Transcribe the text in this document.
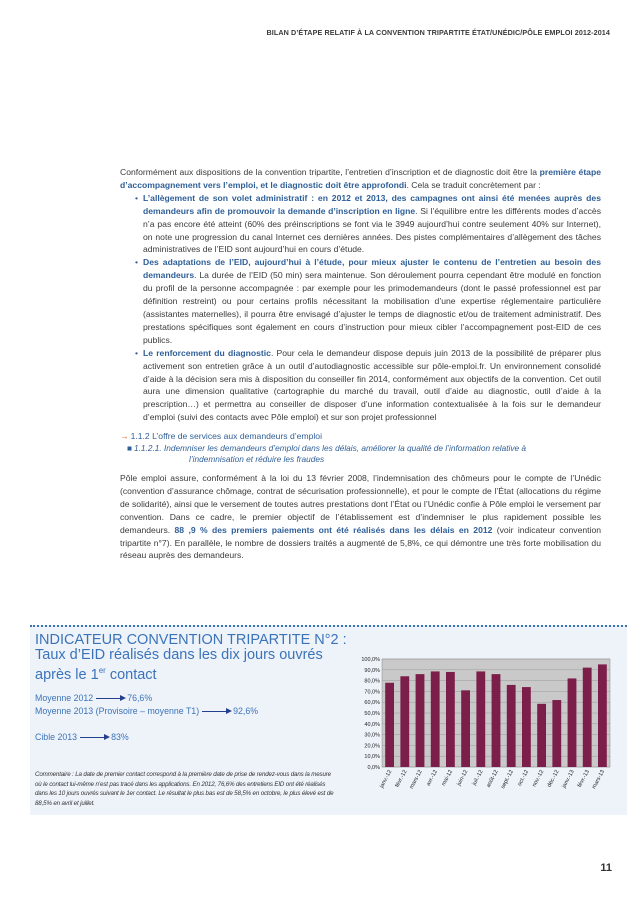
BILAN D’ÉTAPE RELATIF À LA CONVENTION TRIPARTITE ÉTAT/UNÉDIC/PÔLE EMPLOI 2012-2014

Conformément aux dispositions de la convention tripartite, l’entretien d’inscription et de diagnostic doit être la première étape d’accompagnement vers l’emploi, et le diagnostic doit être approfondi. Cela se traduit concrètement par :

• L’allègement de son volet administratif : en 2012 et 2013, des campagnes ont ainsi été menées auprès des demandeurs afin de promouvoir la demande d’inscription en ligne. Si l’équilibre entre les différents modes d’accès n’a pas encore été atteint (60% des préinscriptions se font via le 3949 aujourd’hui contre seulement 40% sur Internet), on note une progression du canal Internet ces dernières années. Des pistes complémentaires d’allègement des tâches administratives de l’EID sont aujourd’hui en cours d’étude.
• Des adaptations de l’EID, aujourd’hui à l’étude, pour mieux ajuster le contenu de l’entretien au besoin des demandeurs. La durée de l’EID (50 min) sera maintenue. Son déroulement pourra cependant être modulé en fonction du profil de la personne accompagnée : par exemple pour les primodemandeurs (dont le passé professionnel est par définition restreint) ou pour certains profils nécessitant la mobilisation d’une expertise réglementaire particulière (assistantes maternelles), il pourra être envisagé d’ajuster le temps de diagnostic et/ou de traitement administratif. Des prestations spécifiques sont également en cours d’instruction pour mieux cibler l’accompagnement post-EID de ces publics.
• Le renforcement du diagnostic. Pour cela le demandeur dispose depuis juin 2013 de la possibilité de préparer plus activement son entretien grâce à un outil d’autodiagnostic accessible sur pôle-emploi.fr. Un environnement consolidé d’aide à la décision sera mis à disposition du conseiller fin 2014, conformément aux objectifs de la convention. Cet outil aura une dimension qualitative (cartographie du marché du travail, outil d’aide au diagnostic, outil d’aide à la prescription…) et permettra au conseiller de disposer d’une information contextualisée à la fois sur le demandeur d’emploi (suivi des contacts avec Pôle emploi) et sur son projet professionnel

→ 1.1.2 L’offre de services aux demandeurs d’emploi

■ 1.1.2.1. Indemniser les demandeurs d’emploi dans les délais, améliorer la qualité de l’information relative à
l’indemnisation et réduire les fraudes

Pôle emploi assure, conformément à la loi du 13 février 2008, l’indemnisation des chômeurs pour le compte de l’Unédic (convention d’assurance chômage, contrat de sécurisation professionnelle), et pour le compte de l’État (allocations du régime de solidarité), ainsi que le versement de toutes autres prestations dont l’État ou l’Unédic confie à Pôle emploi le versement par convention. Dans ce cadre, le premier objectif de l’établissement est d’indemniser le plus rapidement possible les demandeurs. 88 ,9 % des premiers paiements ont été réalisés dans les délais en 2012 (voir indicateur convention tripartite n°7). En parallèle, le nombre de dossiers traités a augmenté de 5,8%, ce qui démontre une très forte mobilisation du réseau auprès des demandeurs.

INDICATEUR CONVENTION TRIPARTITE N°2 :
Taux d’EID réalisés dans les dix jours ouvrés
après le 1er contact
Moyenne 2012	76,6%
Moyenne 2013 (Provisoire – moyenne T1)	92,6%
Cible 2013	83%
Commentaire : La date de premier contact correspond à la première date de prise de rendez-vous dans la mesure où le contact lui-même n’est pas tracé dans les applications. En 2012, 76,6% des entretiens EID ont été réalisés dans les 10 jours ouvrés suivant le 1er contact. Le résultat le plus bas est de 58,5% en octobre, le plus élevé est de 88,5% en avril et juillet.
0,0%
10,0%
20,0%
30,0%
40,0%
50,0%
60,0%
70,0%
80,0%
90,0%
100,0%
janv.-12 févr.-12 mars-12 avr.-12 mai-12 juin-12 juil.-12 août-12 sept.-12 oct.-12 nov.-12 déc.-12 janv.-13 févr.-13 mars-13
11
